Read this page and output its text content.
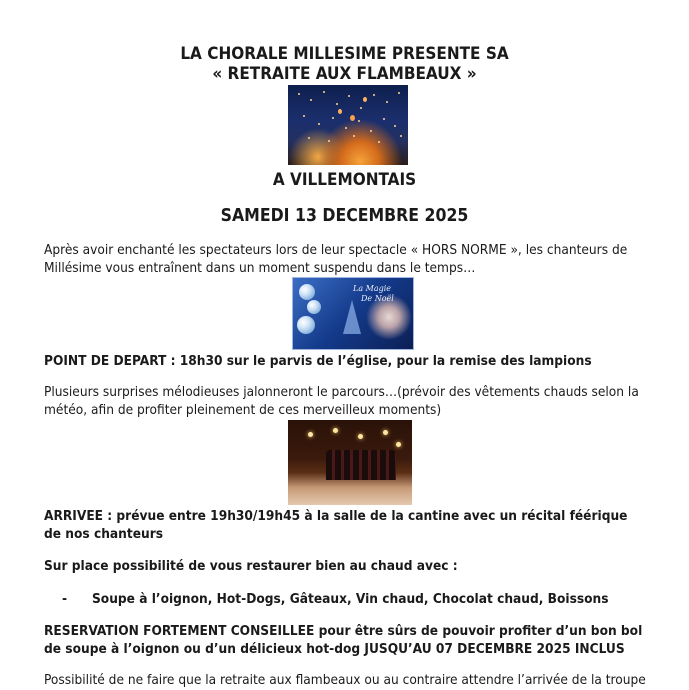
LA CHORALE MILLESIME PRESENTE SA
« RETRAITE AUX FLAMBEAUX »
A VILLEMONTAIS
SAMEDI 13 DECEMBRE 2025
Après avoir enchanté les spectateurs lors de leur spectacle « HORS NORME », les chanteurs de
Millésime vous entraînent dans un moment suspendu dans le temps…
La Magie
De Noël
POINT DE DEPART : 18h30 sur le parvis de l’église, pour la remise des lampions
Plusieurs surprises mélodieuses jalonneront le parcours…(prévoir des vêtements chauds selon la
météo, afin de profiter pleinement de ces merveilleux moments)
ARRIVEE : prévue entre 19h30/19h45 à la salle de la cantine avec un récital féérique
de nos chanteurs
Sur place possibilité de vous restaurer bien au chaud avec :
-	Soupe à l’oignon, Hot-Dogs, Gâteaux, Vin chaud, Chocolat chaud, Boissons
RESERVATION FORTEMENT CONSEILLEE pour être sûrs de pouvoir profiter d’un bon bol
de soupe à l’oignon ou d’un délicieux hot-dog JUSQU’AU 07 DECEMBRE 2025 INCLUS
Possibilité de ne faire que la retraite aux flambeaux ou au contraire attendre l’arrivée de la troupe
